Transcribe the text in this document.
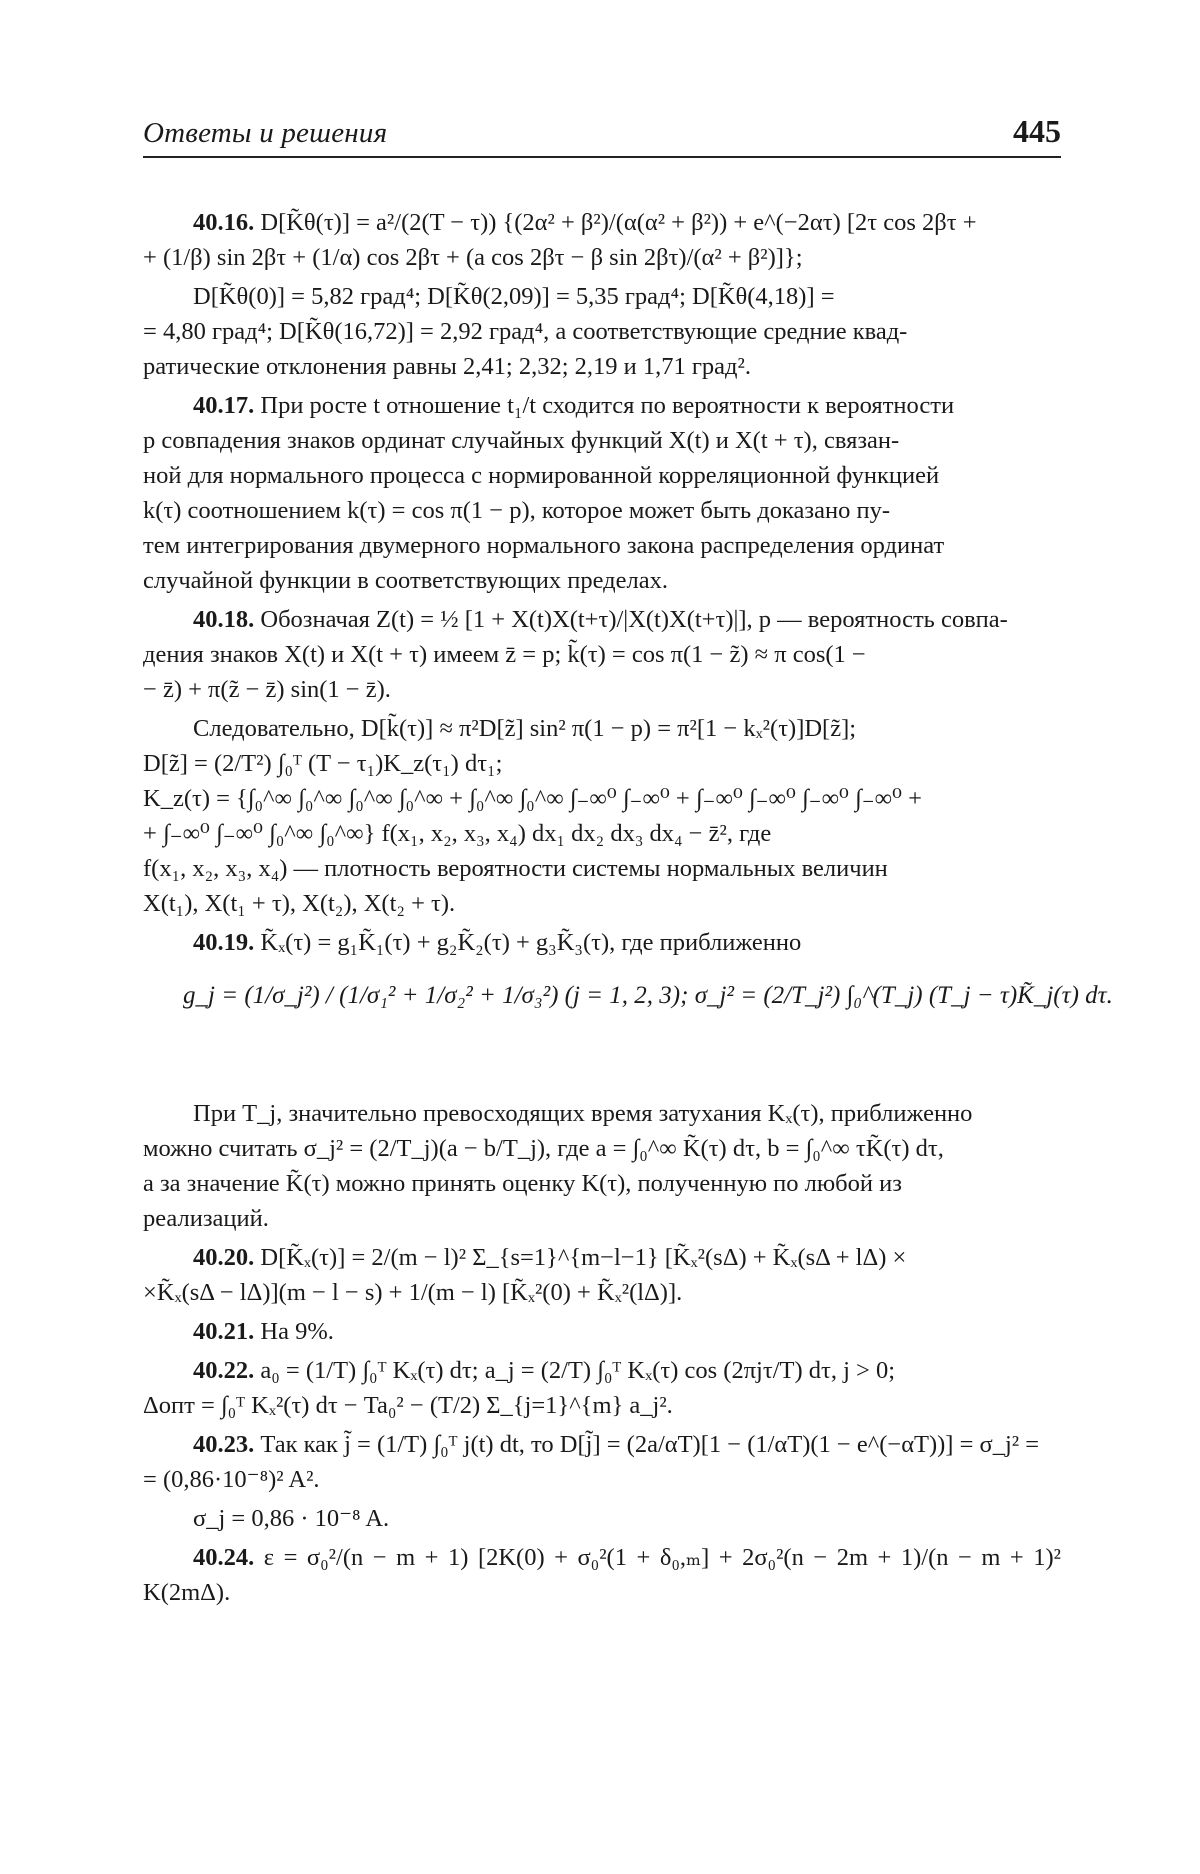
Ответы и решения	445
40.16. D[K̃θ(τ)] = a²/(2(T − τ)) {(2α² + β²)/(α(α² + β²)) + e^(−2ατ) [2τ cos 2βτ +
+ (1/β) sin 2βτ + (1/α) cos 2βτ + (a cos 2βτ − β sin 2βτ)/(α² + β²)]};
D[K̃θ(0)] = 5,82 град⁴; D[K̃θ(2,09)] = 5,35 град⁴; D[K̃θ(4,18)] =
= 4,80 град⁴; D[K̃θ(16,72)] = 2,92 град⁴, а соответствующие средние квад-
ратические отклонения равны 2,41; 2,32; 2,19 и 1,71 град².
40.17. При росте t отношение t₁/t сходится по вероятности к вероятности
p совпадения знаков ординат случайных функций X(t) и X(t + τ), связан-
ной для нормального процесса с нормированной корреляционной функцией
k(τ) соотношением k(τ) = cos π(1 − p), которое может быть доказано пу-
тем интегрирования двумерного нормального закона распределения ординат
случайной функции в соответствующих пределах.
40.18. Обозначая Z(t) = ½ [1 + X(t)X(t+τ)/|X(t)X(t+τ)|], p — вероятность совпа-
дения знаков X(t) и X(t + τ) имеем z̄ = p; k̃(τ) = cos π(1 − z̃) ≈ π cos(1 −
− z̄) + π(z̃ − z̄) sin(1 − z̄).
Следовательно, D[k̃(τ)] ≈ π²D[z̃] sin² π(1 − p) = π²[1 − kₓ²(τ)]D[z̃];
D[z̃] = (2/T²) ∫₀ᵀ (T − τ₁)K_z(τ₁) dτ₁;
K_z(τ) = {∫₀^∞ ∫₀^∞ ∫₀^∞ ∫₀^∞ + ∫₀^∞ ∫₀^∞ ∫₋∞⁰ ∫₋∞⁰ + ∫₋∞⁰ ∫₋∞⁰ ∫₋∞⁰ ∫₋∞⁰ +
+ ∫₋∞⁰ ∫₋∞⁰ ∫₀^∞ ∫₀^∞} f(x₁, x₂, x₃, x₄) dx₁ dx₂ dx₃ dx₄ − z̄², где
f(x₁, x₂, x₃, x₄) — плотность вероятности системы нормальных величин
X(t₁), X(t₁ + τ), X(t₂), X(t₂ + τ).
40.19. K̃ₓ(τ) = g₁K̃₁(τ) + g₂K̃₂(τ) + g₃K̃₃(τ), где приближенно
g_j = (1/σ_j²) / (1/σ₁² + 1/σ₂² + 1/σ₃²) (j = 1, 2, 3); σ_j² = (2/T_j²) ∫₀^(T_j) (T_j − τ)K̃_j(τ) dτ.
При T_j, значительно превосходящих время затухания Kₓ(τ), приближенно
можно считать σ_j² = (2/T_j)(a − b/T_j), где a = ∫₀^∞ K̃(τ) dτ, b = ∫₀^∞ τK̃(τ) dτ,
а за значение K̃(τ) можно принять оценку K(τ), полученную по любой из
реализаций.
40.20. D[K̃ₓ(τ)] = 2/(m − l)² Σ_{s=1}^{m−l−1} [K̃ₓ²(sΔ) + K̃ₓ(sΔ + lΔ) ×
×K̃ₓ(sΔ − lΔ)](m − l − s) + 1/(m − l) [K̃ₓ²(0) + K̃ₓ²(lΔ)].
40.21. На 9%.
40.22. a₀ = (1/T) ∫₀ᵀ Kₓ(τ) dτ; a_j = (2/T) ∫₀ᵀ Kₓ(τ) cos (2πjτ/T) dτ, j > 0;
Δопт = ∫₀ᵀ Kₓ²(τ) dτ − Ta₀² − (T/2) Σ_{j=1}^{m} a_j².
40.23. Так как j̃ = (1/T) ∫₀ᵀ j(t) dt, то D[j̃] = (2a/αT)[1 − (1/αT)(1 − e^(−αT))] = σ_j² =
= (0,86·10⁻⁸)² A².
σ_j = 0,86 · 10⁻⁸ A.
40.24. ε = σ₀²/(n − m + 1) [2K(0) + σ₀²(1 + δ₀,ₘ] + 2σ₀²(n − 2m + 1)/(n − m + 1)² K(2mΔ).
